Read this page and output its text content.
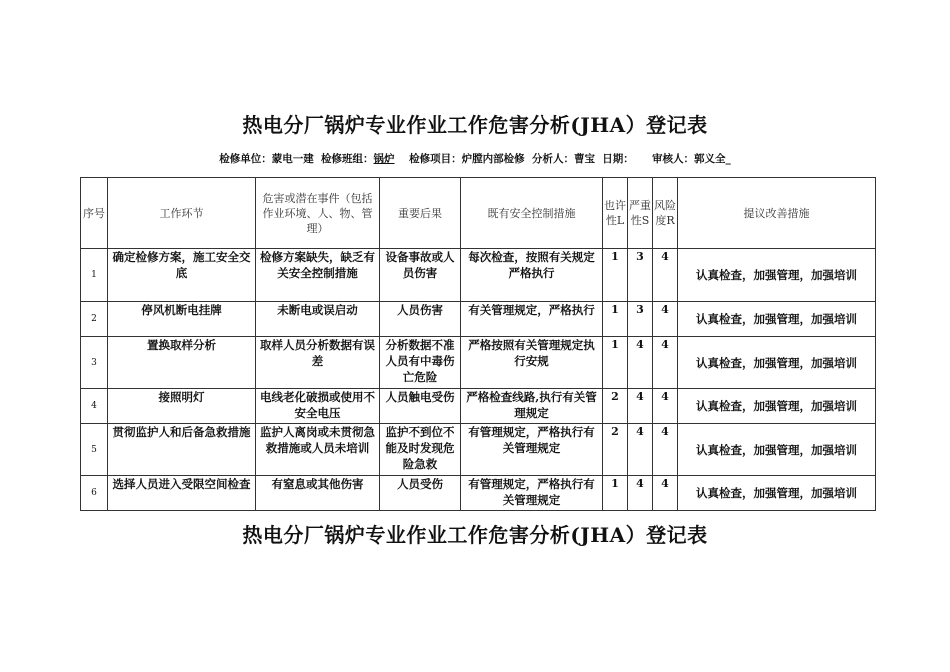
热电分厂锅炉专业作业工作危害分析(JHA）登记表
检修单位：蒙电一建 检修班组：锅炉 检修项目：炉膛内部检修 分析人：曹宝 日期： 审核人：郭义全_
序号	工作环节	危害或潜在事件（包括作业环境、人、物、管理）	重要后果	既有安全控制措施	也许性L	严重性S	风险度R	提议改善措施
1	确定检修方案，施工安全交底	检修方案缺失，缺乏有关安全控制措施	设备事故或人员伤害	每次检查，按照有关规定严格执行	1	3	4	认真检查，加强管理，加强培训
2	停风机断电挂牌	未断电或误启动	人员伤害	有关管理规定，严格执行	1	3	4	认真检查，加强管理，加强培训
3	置换取样分析	取样人员分析数据有误差	分析数据不准人员有中毒伤亡危险	严格按照有关管理规定执行安规	1	4	4	认真检查，加强管理，加强培训
4	接照明灯	电线老化破损或使用不安全电压	人员触电受伤	严格检查线路,执行有关管理规定	2	4	4	认真检查，加强管理，加强培训
5	贯彻监护人和后备急救措施	监护人离岗或未贯彻急救措施或人员未培训	监护不到位不能及时发现危险急救	有管理规定，严格执行有关管理规定	2	4	4	认真检查，加强管理，加强培训
6	选择人员进入受限空间检查	有窒息或其他伤害	人员受伤	有管理规定，严格执行有关管理规定	1	4	4	认真检查，加强管理，加强培训
热电分厂锅炉专业作业工作危害分析(JHA）登记表
